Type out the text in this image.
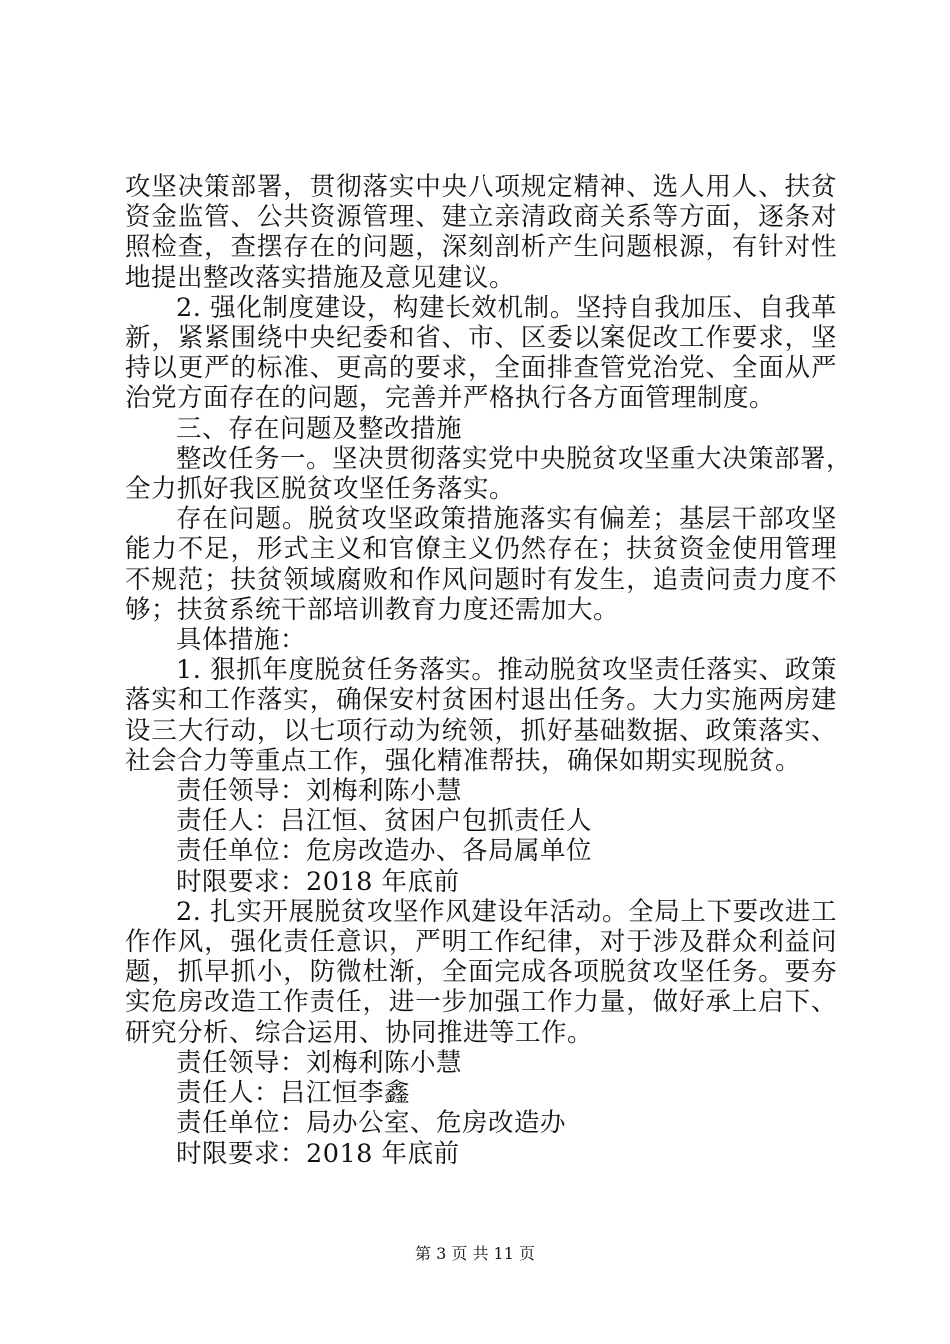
攻坚决策部署，贯彻落实中央八项规定精神、选人用人、扶贫
资金监管、公共资源管理、建立亲清政商关系等方面，逐条对
照检查，查摆存在的问题，深刻剖析产生问题根源，有针对性
地提出整改落实措施及意见建议。
2. 强化制度建设，构建长效机制。坚持自我加压、自我革
新，紧紧围绕中央纪委和省、市、区委以案促改工作要求，坚
持以更严的标准、更高的要求，全面排查管党治党、全面从严
治党方面存在的问题，完善并严格执行各方面管理制度。
三、存在问题及整改措施
整改任务一。坚决贯彻落实党中央脱贫攻坚重大决策部署，
全力抓好我区脱贫攻坚任务落实。
存在问题。脱贫攻坚政策措施落实有偏差；基层干部攻坚
能力不足，形式主义和官僚主义仍然存在；扶贫资金使用管理
不规范；扶贫领域腐败和作风问题时有发生，追责问责力度不
够；扶贫系统干部培训教育力度还需加大。
具体措施：
1. 狠抓年度脱贫任务落实。推动脱贫攻坚责任落实、政策
落实和工作落实，确保安村贫困村退出任务。大力实施两房建
设三大行动，以七项行动为统领，抓好基础数据、政策落实、
社会合力等重点工作，强化精准帮扶，确保如期实现脱贫。
责任领导：刘梅利陈小慧
责任人：吕江恒、贫困户包抓责任人
责任单位：危房改造办、各局属单位
时限要求：2018 年底前
2. 扎实开展脱贫攻坚作风建设年活动。全局上下要改进工
作作风，强化责任意识，严明工作纪律，对于涉及群众利益问
题，抓早抓小，防微杜渐，全面完成各项脱贫攻坚任务。要夯
实危房改造工作责任，进一步加强工作力量，做好承上启下、
研究分析、综合运用、协同推进等工作。
责任领导：刘梅利陈小慧
责任人：吕江恒李鑫
责任单位：局办公室、危房改造办
时限要求：2018 年底前
第 3 页 共 11 页
